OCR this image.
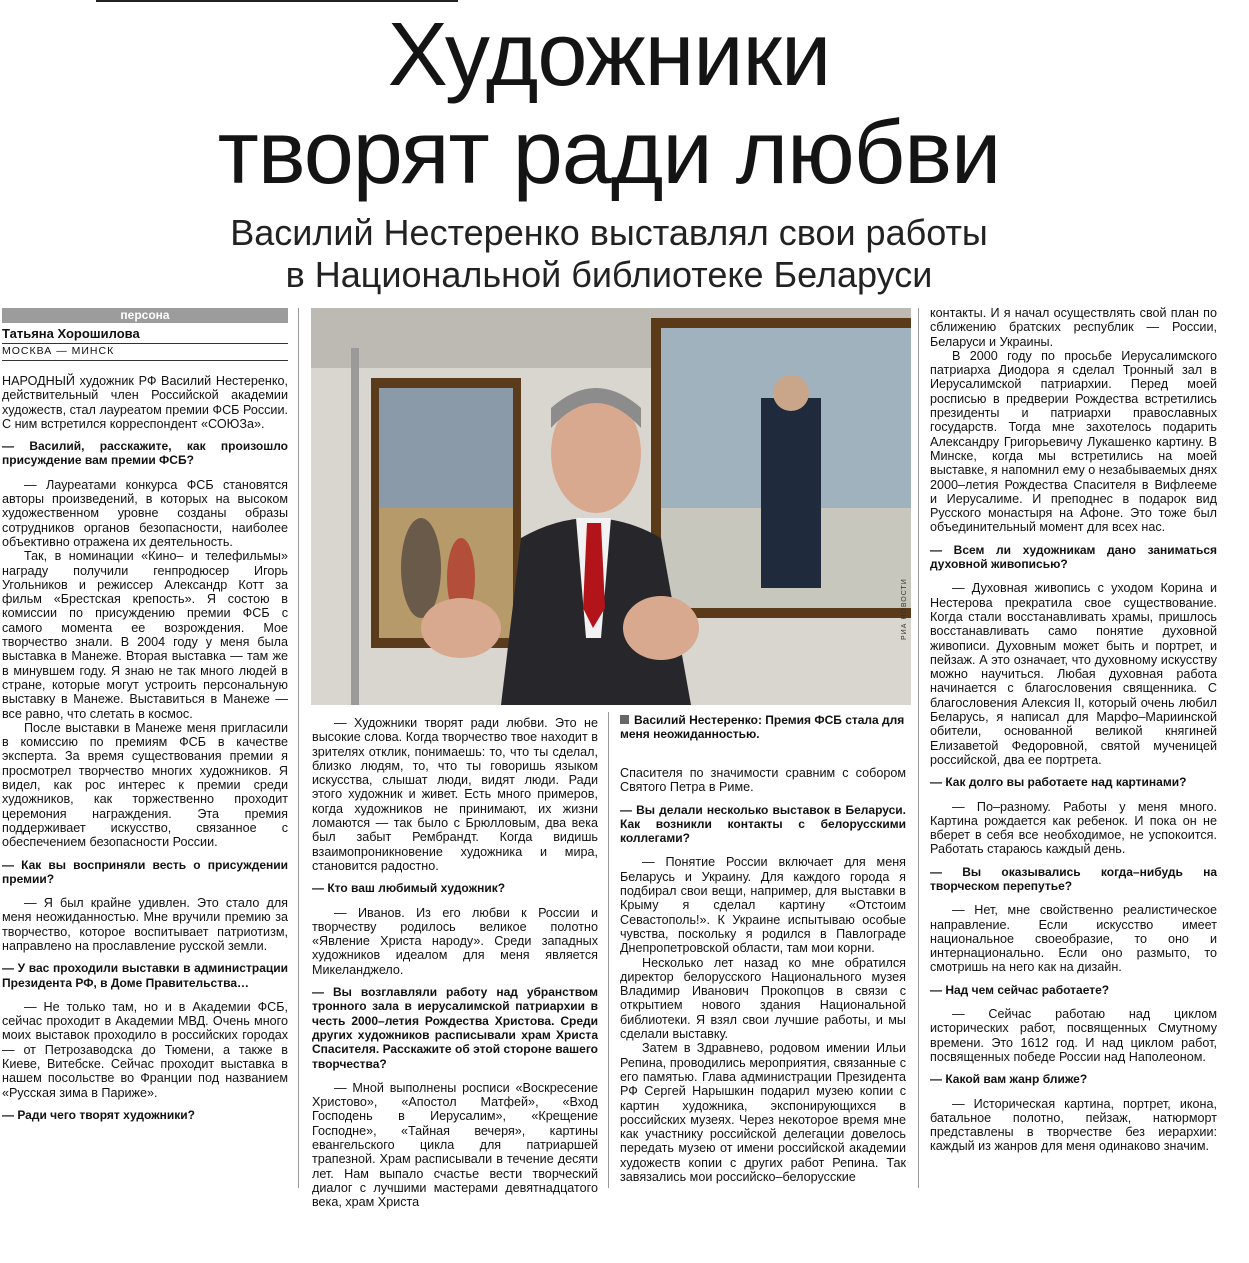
Художники
творят ради любви
Василий Нестеренко выставлял свои работы
в Национальной библиотеке Беларуси
персона
Татьяна Хорошилова
МОСКВА — МИНСК

НАРОДНЫЙ художник РФ Василий Нестеренко, действительный член Российской академии художеств, стал лауреатом премии ФСБ России. С ним встретился корреспондент «СОЮЗа».

— Василий, расскажите, как произошло присуждение вам премии ФСБ?

— Лауреатами конкурса ФСБ становятся авторы произведений, в которых на высоком художественном уровне созданы образы сотрудников органов безопасности, наиболее объективно отражена их деятельность.

Так, в номинации «Кино– и телефильмы» награду получили генпродюсер Игорь Угольников и режиссер Александр Котт за фильм «Брестская крепость». Я состою в комиссии по присуждению премии ФСБ с самого момента ее возрождения. Мое творчество знали. В 2004 году у меня была выставка в Манеже. Вторая выставка — там же в минувшем году. Я знаю не так много людей в стране, которые могут устроить персональную выставку в Манеже. Выставиться в Манеже — все равно, что слетать в космос.

После выставки в Манеже меня пригласили в комиссию по премиям ФСБ в качестве эксперта. За время существования премии я просмотрел творчество многих художников. Я видел, как рос интерес к премии среди художников, как торжественно проходит церемония награждения. Эта премия поддерживает искусство, связанное с обеспечением безопасности России.

— Как вы восприняли весть о присуждении премии?

— Я был крайне удивлен. Это стало для меня неожиданностью. Мне вручили премию за творчество, которое воспитывает патриотизм, направлено на прославление русской земли.

— У вас проходили выставки в администрации Президента РФ, в Доме Правительства…

— Не только там, но и в Академии ФСБ, сейчас проходит в Академии МВД. Очень много моих выставок проходило в российских городах — от Петрозаводска до Тюмени, а также в Киеве, Витебске. Сейчас проходит выставка в нашем посольстве во Франции под названием «Русская зима в Париже».

— Ради чего творят художники?

РИА НОВОСТИ

— Художники творят ради любви. Это не высокие слова. Когда творчество твое находит в зрителях отклик, понимаешь: то, что ты сделал, близко людям, то, что ты говоришь языком искусства, слышат люди, видят люди. Ради этого художник и живет. Есть много примеров, когда художников не принимают, их жизни ломаются — так было с Брюлловым, два века был забыт Рембрандт. Когда видишь взаимопроникновение художника и мира, становится радостно.

— Кто ваш любимый художник?

— Иванов. Из его любви к России и творчеству родилось великое полотно «Явление Христа народу». Среди западных художников идеалом для меня является Микеланджело.

— Вы возглавляли работу над убранством тронного зала в иерусалимской патриархии в честь 2000–летия Рождества Христова. Среди других художников расписывали храм Христа Спасителя. Расскажите об этой стороне вашего творчества?

— Мной выполнены росписи «Воскресение Христово», «Апостол Матфей», «Вход Господень в Иерусалим», «Крещение Господне», «Тайная вечеря», картины евангельского цикла для патриаршей трапезной. Храм расписывали в течение десяти лет. Нам выпало счастье вести творческий диалог с лучшими мастерами девятнадцатого века, храм Христа

Василий Нестеренко: Премия ФСБ стала для меня неожиданностью.

Спасителя по значимости сравним с собором Святого Петра в Риме.

— Вы делали несколько выставок в Беларуси. Как возникли контакты с белорусскими коллегами?

— Понятие России включает для меня Беларусь и Украину. Для каждого города я подбирал свои вещи, например, для выставки в Крыму я сделал картину «Отстоим Севастополь!». К Украине испытываю особые чувства, поскольку я родился в Павлограде Днепропетровской области, там мои корни.

Несколько лет назад ко мне обратился директор белорусского Национального музея Владимир Иванович Прокопцов в связи с открытием нового здания Национальной библиотеки. Я взял свои лучшие работы, и мы сделали выставку.

Затем в Здравнево, родовом имении Ильи Репина, проводились мероприятия, связанные с его памятью. Глава администрации Президента РФ Сергей Нарышкин подарил музею копии с картин художника, экспонирующихся в российских музеях. Через некоторое время мне как участнику российской делегации довелось передать музею от имени российской академии художеств копии с других работ Репина. Так завязались мои российско–белорусские

контакты. И я начал осуществлять свой план по сближению братских республик — России, Беларуси и Украины.

В 2000 году по просьбе Иерусалимского патриарха Диодора я сделал Тронный зал в Иерусалимской патриархии. Перед моей росписью в предверии Рождества встретились президенты и патриархи православных государств. Тогда мне захотелось подарить Александру Григорьевичу Лукашенко картину. В Минске, когда мы встретились на моей выставке, я напомнил ему о незабываемых днях 2000–летия Рождества Спасителя в Вифлееме и Иерусалиме. И преподнес в подарок вид Русского монастыря на Афоне. Это тоже был объединительный момент для всех нас.

— Всем ли художникам дано заниматься духовной живописью?

— Духовная живопись с уходом Корина и Нестерова прекратила свое существование. Когда стали восстанавливать храмы, пришлось восстанавливать само понятие духовной живописи. Духовным может быть и портрет, и пейзаж. А это означает, что духовному искусству можно научиться. Любая духовная работа начинается с благословения священника. С благословения Алексия II, который очень любил Беларусь, я написал для Марфо–Мариинской обители, основанной великой княгиней Елизаветой Федоровной, святой мученицей российской, два ее портрета.

— Как долго вы работаете над картинами?

— По–разному. Работы у меня много. Картина рождается как ребенок. И пока он не вберет в себя все необходимое, не успокоится. Работать стараюсь каждый день.

— Вы оказывались когда–нибудь на творческом перепутье?

— Нет, мне свойственно реалистическое направление. Если искусство имеет национальное своеобразие, то оно и интернационально. Если оно размыто, то смотришь на него как на дизайн.

— Над чем сейчас работаете?

— Сейчас работаю над циклом исторических работ, посвященных Смутному времени. Это 1612 год. И над циклом работ, посвященных победе России над Наполеоном.

— Какой вам жанр ближе?

— Историческая картина, портрет, икона, батальное полотно, пейзаж, натюрморт представлены в творчестве без иерархии: каждый из жанров для меня одинаково значим.
